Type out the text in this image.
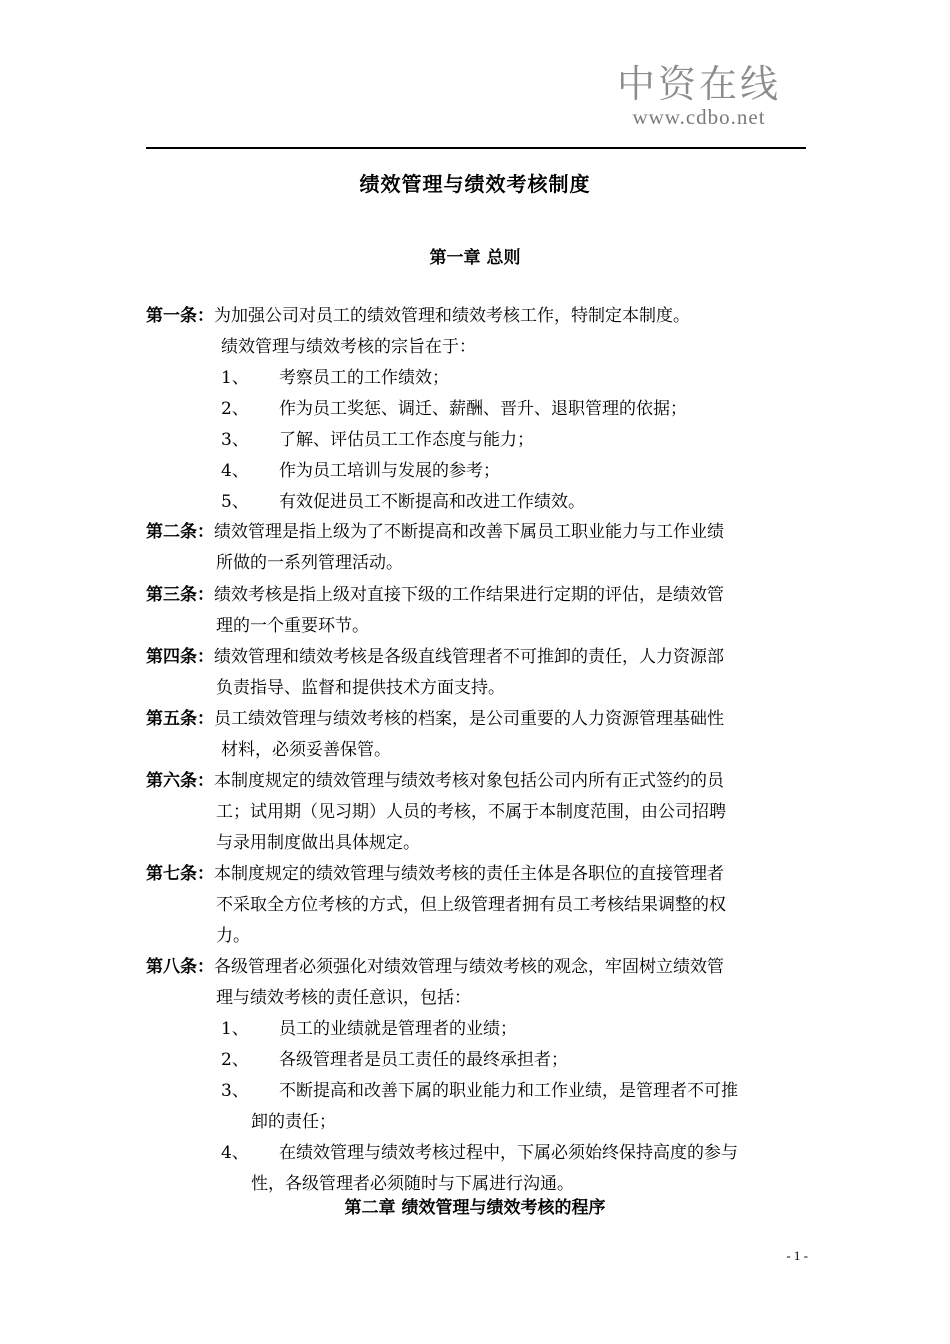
中资在线
www.cdbo.net
绩效管理与绩效考核制度
第一章 总则
第一条：为加强公司对员工的绩效管理和绩效考核工作，特制定本制度。
绩效管理与绩效考核的宗旨在于：
1、 考察员工的工作绩效；
2、 作为员工奖惩、调迁、薪酬、晋升、退职管理的依据；
3、 了解、评估员工工作态度与能力；
4、 作为员工培训与发展的参考；
5、 有效促进员工不断提高和改进工作绩效。
第二条：绩效管理是指上级为了不断提高和改善下属员工职业能力与工作业绩
所做的一系列管理活动。
第三条：绩效考核是指上级对直接下级的工作结果进行定期的评估，是绩效管
理的一个重要环节。
第四条：绩效管理和绩效考核是各级直线管理者不可推卸的责任，人力资源部
负责指导、监督和提供技术方面支持。
第五条：员工绩效管理与绩效考核的档案，是公司重要的人力资源管理基础性
材料，必须妥善保管。
第六条：本制度规定的绩效管理与绩效考核对象包括公司内所有正式签约的员
工；试用期（见习期）人员的考核，不属于本制度范围，由公司招聘
与录用制度做出具体规定。
第七条：本制度规定的绩效管理与绩效考核的责任主体是各职位的直接管理者
不采取全方位考核的方式，但上级管理者拥有员工考核结果调整的权
力。
第八条：各级管理者必须强化对绩效管理与绩效考核的观念，牢固树立绩效管
理与绩效考核的责任意识，包括：
1、 员工的业绩就是管理者的业绩；
2、 各级管理者是员工责任的最终承担者；
3、 不断提高和改善下属的职业能力和工作业绩，是管理者不可推
卸的责任；
4、 在绩效管理与绩效考核过程中，下属必须始终保持高度的参与
性，各级管理者必须随时与下属进行沟通。
第二章 绩效管理与绩效考核的程序
- 1 -
